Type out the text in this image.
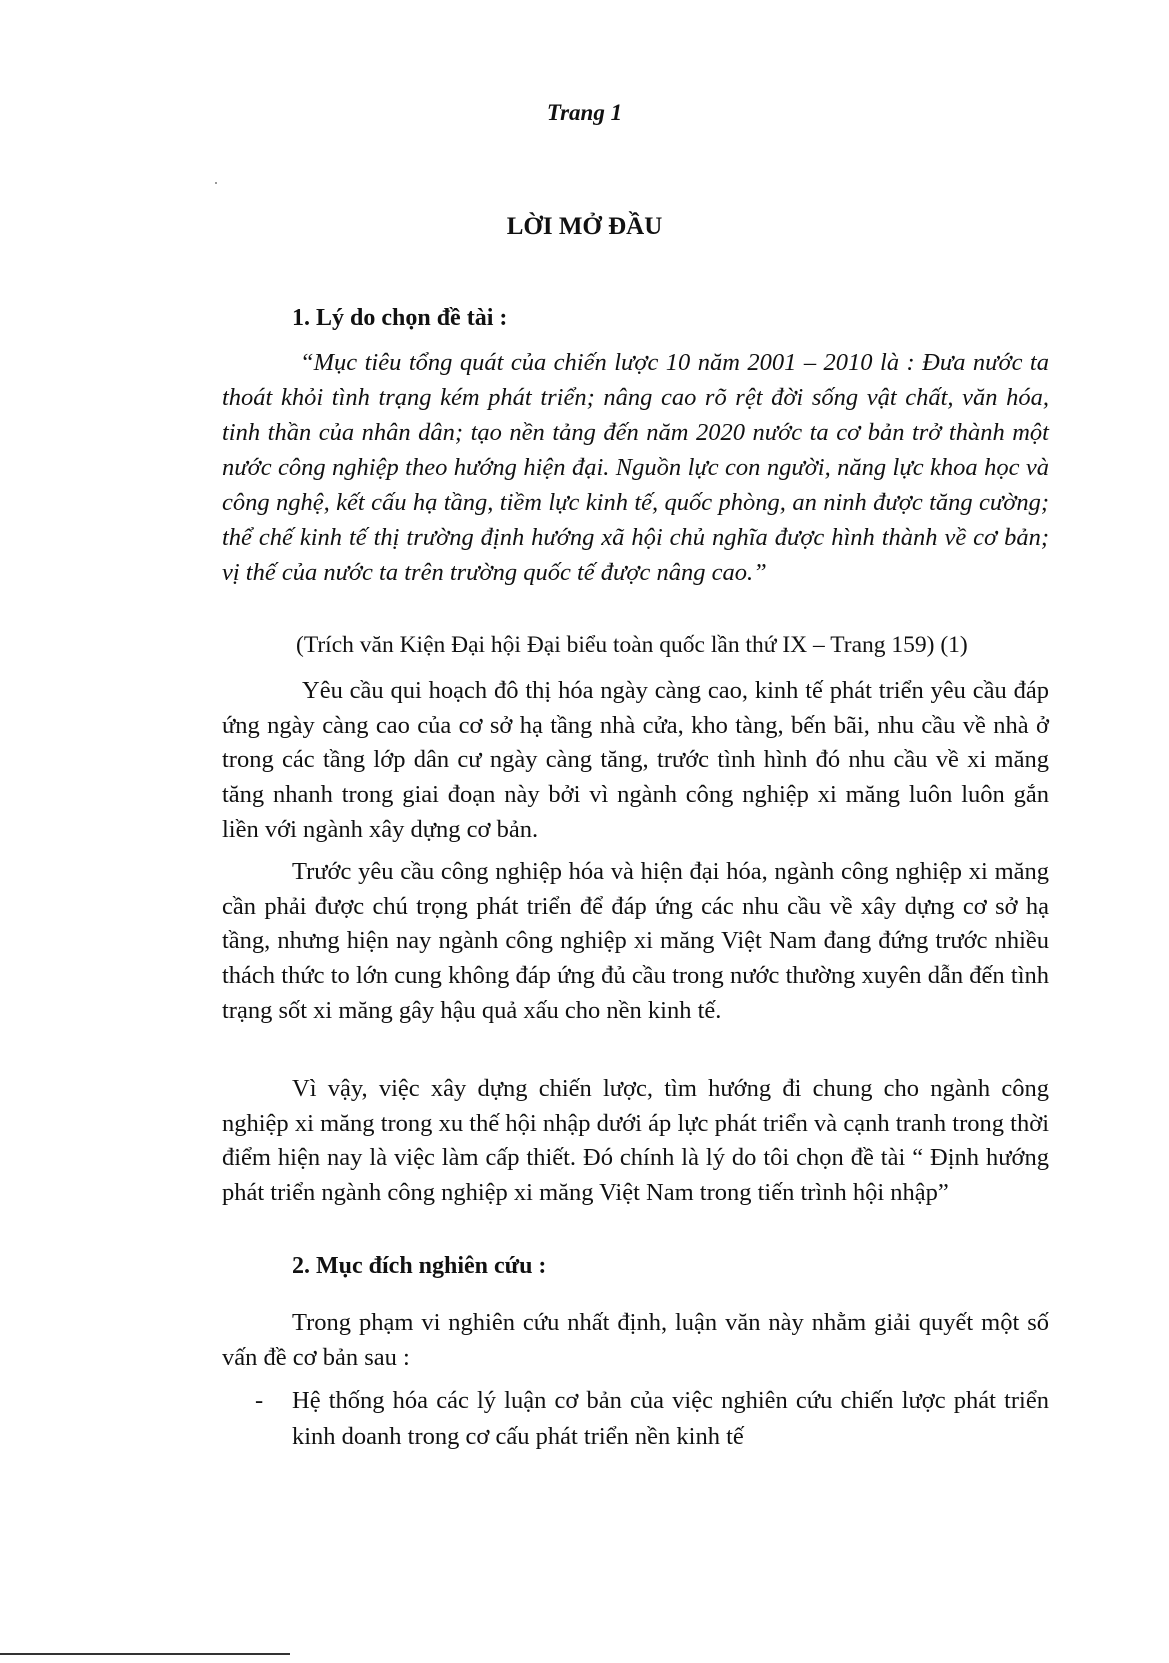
Trang 1
LỜI MỞ ĐẦU
1. Lý do chọn đề tài :

“Mục tiêu tổng quát của chiến lược 10 năm 2001 – 2010 là : Đưa nước ta thoát khỏi tình trạng kém phát triển; nâng cao rõ rệt đời sống vật chất, văn hóa, tinh thần của nhân dân; tạo nền tảng đến năm 2020 nước ta cơ bản trở thành một nước công nghiệp theo hướng hiện đại. Nguồn lực con người, năng lực khoa học và công nghệ, kết cấu hạ tầng, tiềm lực kinh tế, quốc phòng, an ninh được tăng cường; thể chế kinh tế thị trường định hướng xã hội chủ nghĩa được hình thành về cơ bản; vị thế của nước ta trên trường quốc tế được nâng cao.”

(Trích văn Kiện Đại hội Đại biểu toàn quốc lần thứ IX – Trang 159) (1)

Yêu cầu qui hoạch đô thị hóa ngày càng cao, kinh tế phát triển yêu cầu đáp ứng ngày càng cao của cơ sở hạ tầng nhà cửa, kho tàng, bến bãi, nhu cầu về nhà ở trong các tầng lớp dân cư ngày càng tăng, trước tình hình đó nhu cầu về xi măng tăng nhanh trong giai đoạn này bởi vì ngành công nghiệp xi măng luôn luôn gắn liền với ngành xây dựng cơ bản.

Trước yêu cầu công nghiệp hóa và hiện đại hóa, ngành công nghiệp xi măng cần phải được chú trọng phát triển để đáp ứng các nhu cầu về xây dựng cơ sở hạ tầng, nhưng hiện nay ngành công nghiệp xi măng Việt Nam đang đứng trước nhiều thách thức to lớn cung không đáp ứng đủ cầu trong nước thường xuyên dẫn đến tình trạng sốt xi măng gây hậu quả xấu cho nền kinh tế.

Vì vậy, việc xây dựng chiến lược, tìm hướng đi chung cho ngành công nghiệp xi măng trong xu thế hội nhập dưới áp lực phát triển và cạnh tranh trong thời điểm hiện nay là việc làm cấp thiết. Đó chính là lý do tôi chọn đề tài “ Định hướng phát triển ngành công nghiệp xi măng Việt Nam trong tiến trình hội nhập”

2. Mục đích nghiên cứu :

Trong phạm vi nghiên cứu nhất định, luận văn này nhằm giải quyết một số vấn đề cơ bản sau :

- Hệ thống hóa các lý luận cơ bản của việc nghiên cứu chiến lược phát triển kinh doanh trong cơ cấu phát triển nền kinh tế
